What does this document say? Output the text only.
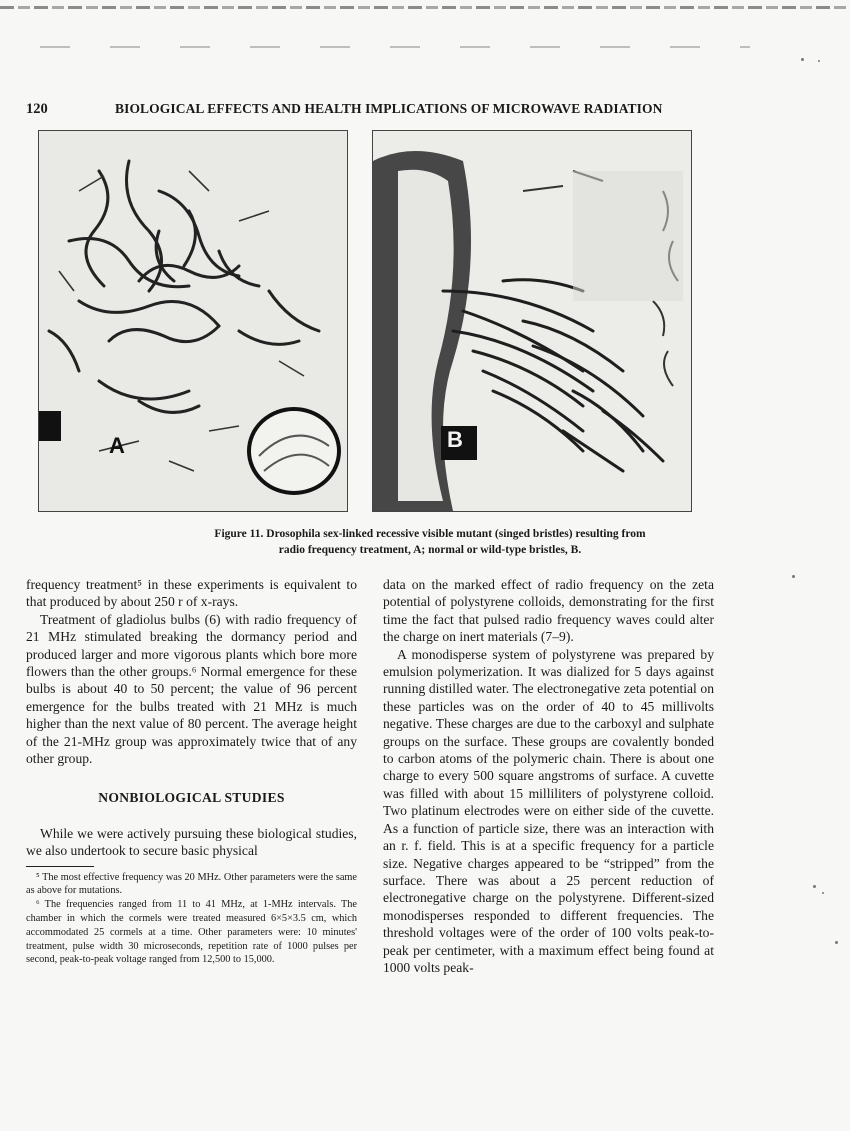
120	BIOLOGICAL EFFECTS AND HEALTH IMPLICATIONS OF MICROWAVE RADIATION
A	B
Figure 11. Drosophila sex-linked recessive visible mutant (singed bristles) resulting from
radio frequency treatment, A; normal or wild-type bristles, B.

frequency treatment⁵ in these experiments is equivalent to that produced by about 250 r of x-rays.

Treatment of gladiolus bulbs (6) with radio frequency of 21 MHz stimulated breaking the dormancy period and produced larger and more vigorous plants which bore more flowers than the other groups.⁶ Normal emergence for these bulbs is about 40 to 50 percent; the value of 96 percent emergence for the bulbs treated with 21 MHz is much higher than the next value of 80 percent. The average height of the 21-MHz group was approximately twice that of any other group.

NONBIOLOGICAL STUDIES

While we were actively pursuing these biological studies, we also undertook to secure basic physical

⁵ The most effective frequency was 20 MHz. Other parameters were the same as above for mutations.

⁶ The frequencies ranged from 11 to 41 MHz, at 1-MHz intervals. The chamber in which the cormels were treated measured 6×5×3.5 cm, which accommodated 25 cormels at a time. Other parameters were: 10 minutes' treatment, pulse width 30 microseconds, repetition rate of 1000 pulses per second, peak-to-peak voltage ranged from 12,500 to 15,000.

data on the marked effect of radio frequency on the zeta potential of polystyrene colloids, demonstrating for the first time the fact that pulsed radio frequency waves could alter the charge on inert materials (7–9).

A monodisperse system of polystyrene was prepared by emulsion polymerization. It was dialized for 5 days against running distilled water. The electronegative zeta potential on these particles was on the order of 40 to 45 millivolts negative. These charges are due to the carboxyl and sulphate groups on the surface. These groups are covalently bonded to carbon atoms of the polymeric chain. There is about one charge to every 500 square angstroms of surface. A cuvette was filled with about 15 milliliters of polystyrene colloid. Two platinum electrodes were on either side of the cuvette. As a function of particle size, there was an interaction with an r. f. field. This is at a specific frequency for a particle size. Negative charges appeared to be “stripped” from the surface. There was about a 25 percent reduction of electronegative charge on the polystyrene. Different-sized monodisperses responded to different frequencies. The threshold voltages were of the order of 100 volts peak-to-peak per centimeter, with a maximum effect being found at 1000 volts peak-
